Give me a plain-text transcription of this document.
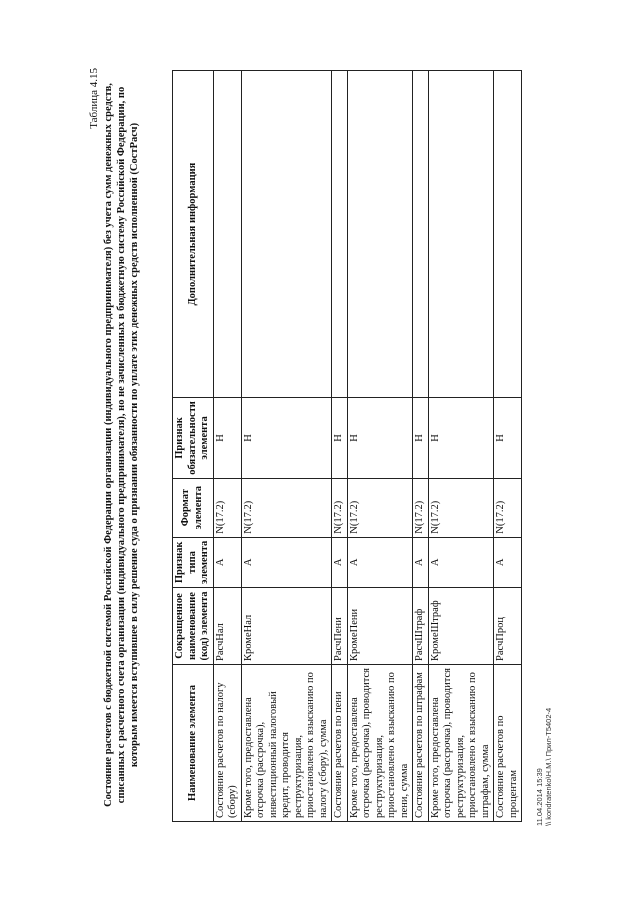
Таблица 4.15 Состояние расчетов с бюджетной системой Российской Федерации организации (индивидуального предпринимателя) без учета сумм денежных средств, списанных с расчетного счета организации (индивидуального предпринимателя), но не зачисленных в бюджетную систему Российской Федерации, по которым имеется вступившее в силу решение суда о признании обязанности по уплате этих денежных средств исполненной (СостРасч)	Наименование элемента	Сокращенное наименование (код) элемента	Признак типа элемента	Формат элемента	Признак обязательности элемента	Дополнительная информация
Состояние расчетов по налогу (сбору)	РасчНал	А	N(17.2)	Н	
Кроме того, предоставлена отсрочка (рассрочка), инвестиционный налоговый кредит, проводится реструктуризация, приостановлено к взысканию по налогу (сбору), сумма	КромеНал	А	N(17.2)	Н	
Состояние расчетов по пени	РасчПени	А	N(17.2)	Н	
Кроме того, предоставлена отсрочка (рассрочка), проводится реструктуризация, приостановлено к взысканию по пени, сумма	КромеПени	А	N(17.2)	Н	
Состояние расчетов по штрафам	РасчШтраф	А	N(17.2)	Н	
Кроме того, предоставлена отсрочка (рассрочка), проводится реструктуризация, приостановлено к взысканию по штрафам, сумма	КромеШтраф	А	N(17.2)	Н	
Состояние расчетов по процентам	РасчПроц	А	N(17.2)	Н	
11.04.2014 15:39 \\ kondratenko\Н.М.\ Прил-Т5402-4
